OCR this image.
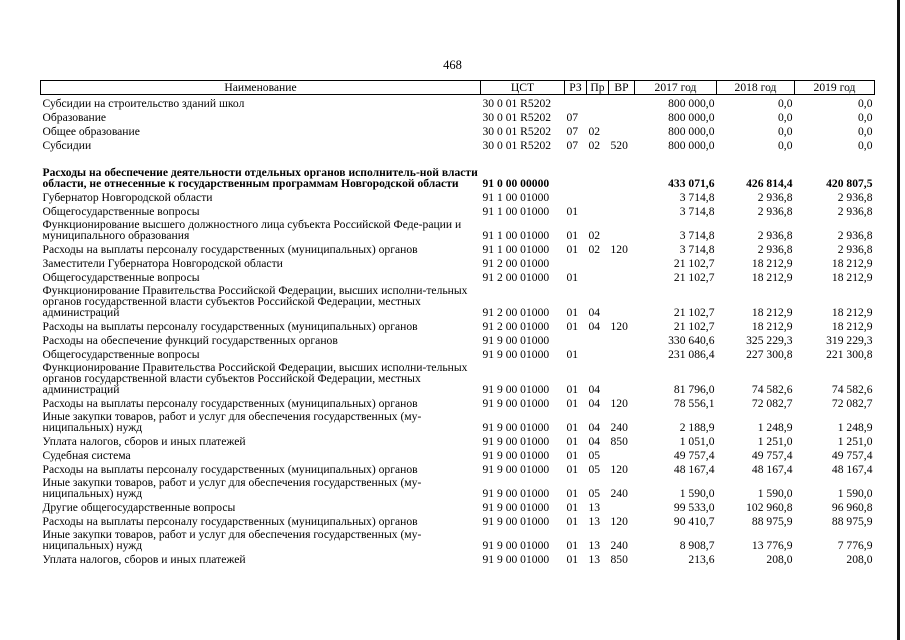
468
Наименование	ЦСТ	РЗ	Пр	ВР	2017 год	2018 год	2019 год
Субсидии на строительство зданий школ	30 0 01 R5202				800 000,0	0,0	0,0
Образование	30 0 01 R5202	07			800 000,0	0,0	0,0
Общее образование	30 0 01 R5202	07	02		800 000,0	0,0	0,0
Субсидии	30 0 01 R5202	07	02	520	800 000,0	0,0	0,0
Расходы на обеспечение деятельности отдельных органов исполнитель-ной власти области, не отнесенные к государственным программам Новгородской области	91 0 00 00000				433 071,6	426 814,4	420 807,5
Губернатор Новгородской области	91 1 00 01000				3 714,8	2 936,8	2 936,8
Общегосударственные вопросы	91 1 00 01000	01			3 714,8	2 936,8	2 936,8
Функционирование высшего должностного лица субъекта Российской Феде-рации и муниципального образования	91 1 00 01000	01	02		3 714,8	2 936,8	2 936,8
Расходы на выплаты персоналу государственных (муниципальных) органов	91 1 00 01000	01	02	120	3 714,8	2 936,8	2 936,8
Заместители Губернатора Новгородской области	91 2 00 01000				21 102,7	18 212,9	18 212,9
Общегосударственные вопросы	91 2 00 01000	01			21 102,7	18 212,9	18 212,9
Функционирование Правительства Российской Федерации, высших исполни-тельных органов государственной власти субъектов Российской Федерации, местных администраций	91 2 00 01000	01	04		21 102,7	18 212,9	18 212,9
Расходы на выплаты персоналу государственных (муниципальных) органов	91 2 00 01000	01	04	120	21 102,7	18 212,9	18 212,9
Расходы на обеспечение функций государственных органов	91 9 00 01000				330 640,6	325 229,3	319 229,3
Общегосударственные вопросы	91 9 00 01000	01			231 086,4	227 300,8	221 300,8
Функционирование Правительства Российской Федерации, высших исполни-тельных органов государственной власти субъектов Российской Федерации, местных администраций	91 9 00 01000	01	04		81 796,0	74 582,6	74 582,6
Расходы на выплаты персоналу государственных (муниципальных) органов	91 9 00 01000	01	04	120	78 556,1	72 082,7	72 082,7
Иные закупки товаров, работ и услуг для обеспечения государственных (му-ниципальных) нужд	91 9 00 01000	01	04	240	2 188,9	1 248,9	1 248,9
Уплата налогов, сборов и иных платежей	91 9 00 01000	01	04	850	1 051,0	1 251,0	1 251,0
Судебная система	91 9 00 01000	01	05		49 757,4	49 757,4	49 757,4
Расходы на выплаты персоналу государственных (муниципальных) органов	91 9 00 01000	01	05	120	48 167,4	48 167,4	48 167,4
Иные закупки товаров, работ и услуг для обеспечения государственных (му-ниципальных) нужд	91 9 00 01000	01	05	240	1 590,0	1 590,0	1 590,0
Другие общегосударственные вопросы	91 9 00 01000	01	13		99 533,0	102 960,8	96 960,8
Расходы на выплаты персоналу государственных (муниципальных) органов	91 9 00 01000	01	13	120	90 410,7	88 975,9	88 975,9
Иные закупки товаров, работ и услуг для обеспечения государственных (му-ниципальных) нужд	91 9 00 01000	01	13	240	8 908,7	13 776,9	7 776,9
Уплата налогов, сборов и иных платежей	91 9 00 01000	01	13	850	213,6	208,0	208,0
